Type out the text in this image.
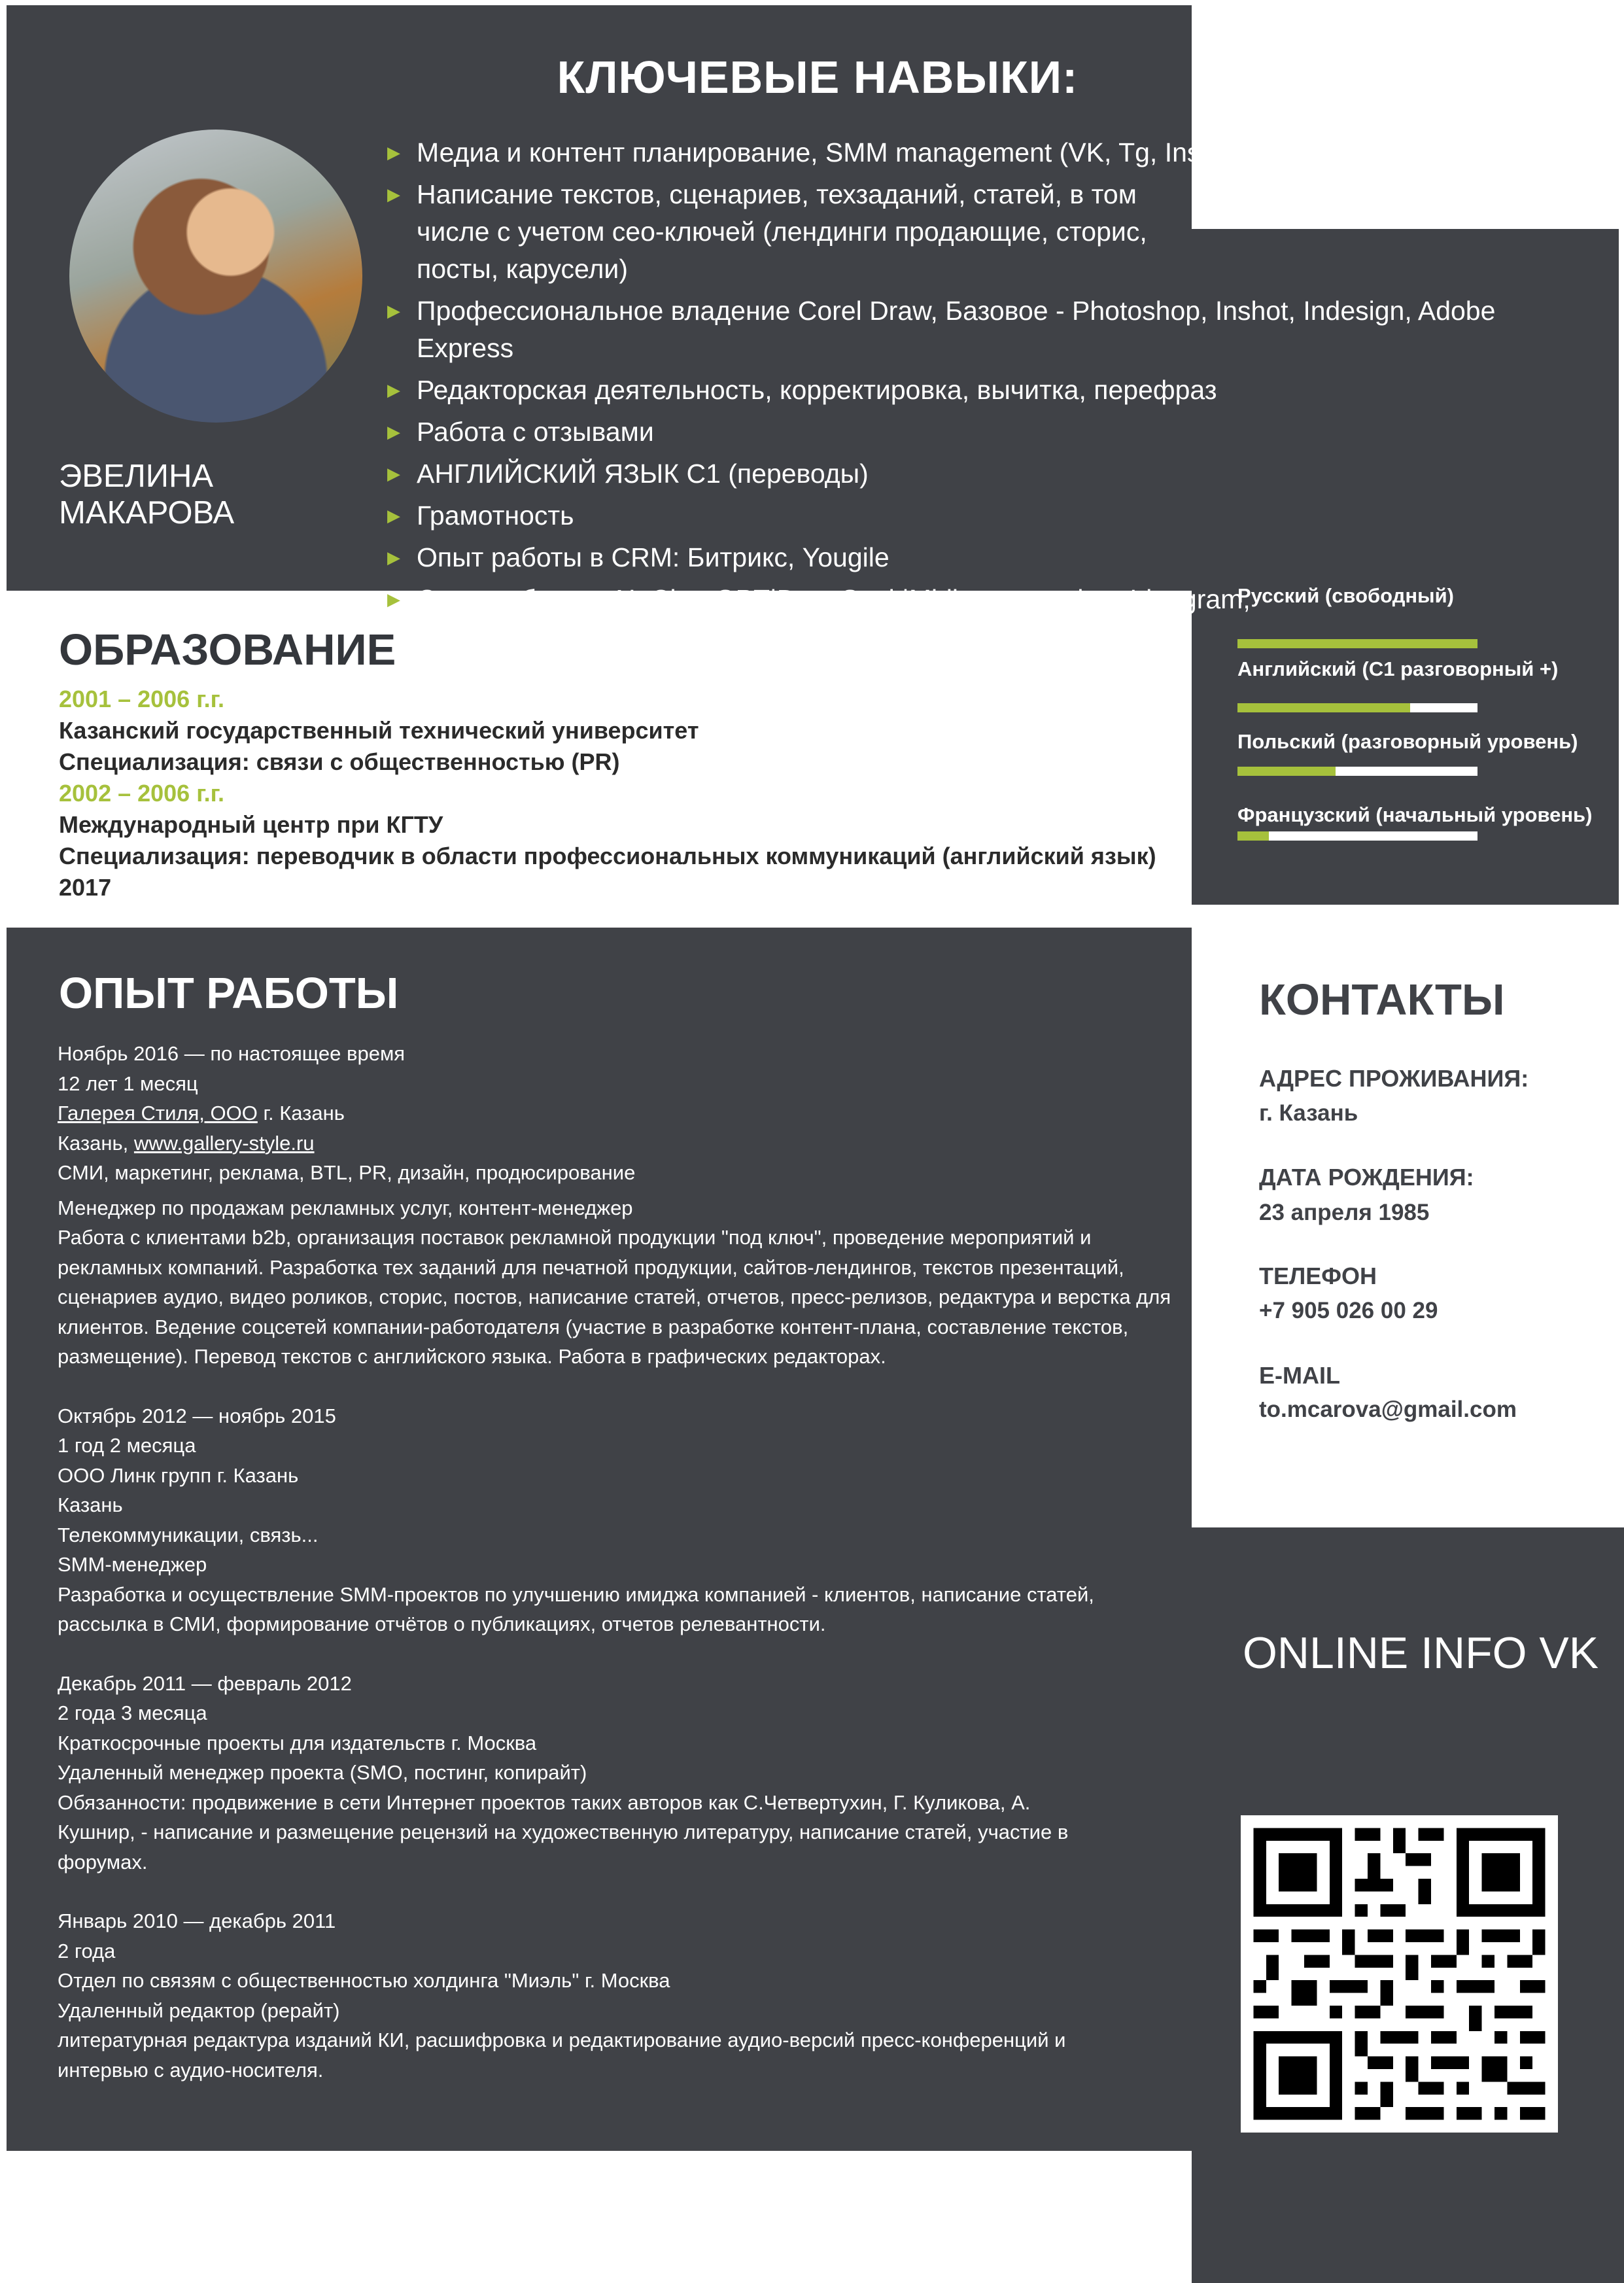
КЛЮЧЕВЫЕ НАВЫКИ:
▶ Медиа и контент планирование, SMM management (VK, Tg, Instagram)
▶ Написание текстов, сценариев, техзаданий, статей, в том числе с учетом сео-ключей (лендинги продающие, сторис, посты, карусели)
▶ Профессиональное владение Corel Draw, Базовое - Photoshop, Inshot, Indesign, Adobe Express
▶ Редакторская деятельность, корректировка, вычитка, перефраз
▶ Работа с отзывами
▶ АНГЛИЙСКИЙ ЯЗЫК С1 (переводы)
▶ Грамотность
▶ Опыт работы в CRM: Битрикс, Yougile
▶ Опыт работы с AI: Chat GPT|DeepSeek|Midjourney tg bot, Ideogram,
ЭВЕЛИНА МАКАРОВА
Русский (свободный)
Английский (С1 разговорный +)
Польский (разговорный уровень)
Французский (начальный уровень)
ОБРАЗОВАНИЕ
2001 – 2006 г.г.
Казанский государственный технический университет
Специализация: связи с общественностью (PR)
2002 – 2006 г.г.
Международный центр при КГТУ
Специализация: переводчик в области профессиональных коммуникаций (английский язык)
2017
ОПЫТ РАБОТЫ
Ноябрь 2016 — по настоящее время
12 лет 1 месяц
Галерея Стиля, ООО г. Казань
Казань, www.gallery-style.ru
СМИ, маркетинг, реклама, BTL, PR, дизайн, продюсирование
Менеджер по продажам рекламных услуг, контент-менеджер
Работа с клиентами b2b, организация поставок рекламной продукции "под ключ", проведение мероприятий и рекламных компаний. Разработка тех заданий для печатной продукции, сайтов-лендингов, текстов презентаций, сценариев аудио, видео роликов, сторис, постов, написание статей, отчетов, пресс-релизов, редактура и верстка для клиентов. Ведение соцсетей компании-работодателя (участие в разработке контент-плана, составление текстов, размещение). Перевод текстов с английского языка. Работа в графических редакторах.
Октябрь 2012 — ноябрь 2015
1 год 2 месяца
ООО Линк групп г. Казань
Казань
Телекоммуникации, связь...
SMM-менеджер
Разработка и осуществление SMM-проектов по улучшению имиджа компанией - клиентов, написание статей, рассылка в СМИ, формирование отчётов о публикациях, отчетов релевантности.
Декабрь 2011 — февраль 2012
2 года 3 месяца
Краткосрочные проекты для издательств г. Москва
Удаленный менеджер проекта (SMO, постинг, копирайт)
Обязанности: продвижение в сети Интернет проектов таких авторов как С.Четвертухин, Г. Куликова, А. Кушнир, - написание и размещение рецензий на художественную литературу, написание статей, участие в форумах.
Январь 2010 — декабрь 2011
2 года
Отдел по связям с общественностью холдинга "Миэль" г. Москва
Удаленный редактор (рерайт)
литературная редактура изданий КИ, расшифровка и редактирование аудио-версий пресс-конференций и интервью с аудио-носителя.
КОНТАКТЫ
АДРЕС ПРОЖИВАНИЯ:
г. Казань
ДАТА РОЖДЕНИЯ:
23 апреля 1985
ТЕЛЕФОН
+7 905 026 00 29
E-MAIL
to.mcarova@gmail.com
ONLINE INFO VK
